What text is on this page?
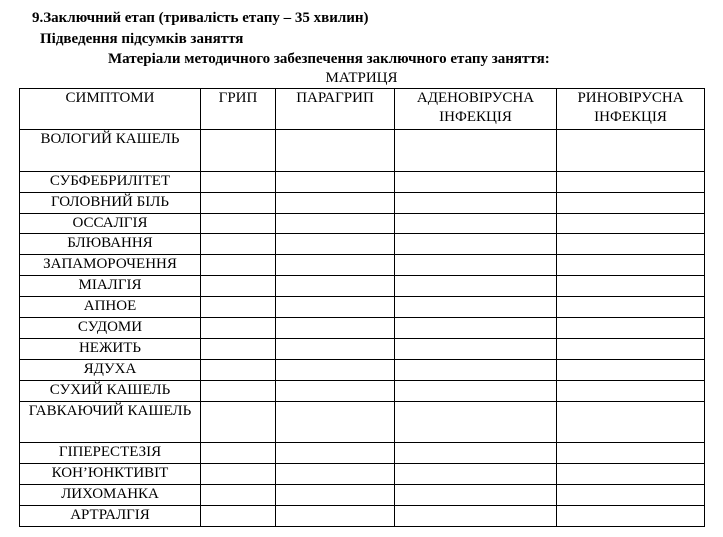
9.Заключний етап (тривалість етапу – 35 хвилин)
Підведення підсумків заняття
Матеріали методичного забезпечення заключного етапу заняття:
МАТРИЦЯ
СИМПТОМИ	ГРИП	ПАРАГРИП	АДЕНОВІРУСНА ІНФЕКЦІЯ	РИНОВІРУСНА ІНФЕКЦІЯ
ВОЛОГИЙ КАШЕЛЬ				
СУБФЕБРИЛІТЕТ				
ГОЛОВНИЙ БІЛЬ				
ОССАЛГІЯ				
БЛЮВАННЯ				
ЗАПАМОРОЧЕННЯ				
МІАЛГІЯ				
АПНОЕ				
СУДОМИ				
НЕЖИТЬ				
ЯДУХА				
СУХИЙ КАШЕЛЬ				
ГАВКАЮЧИЙ КАШЕЛЬ				
ГІПЕРЕСТЕЗІЯ				
КОН’ЮНКТИВІТ				
ЛИХОМАНКА				
АРТРАЛГІЯ				
